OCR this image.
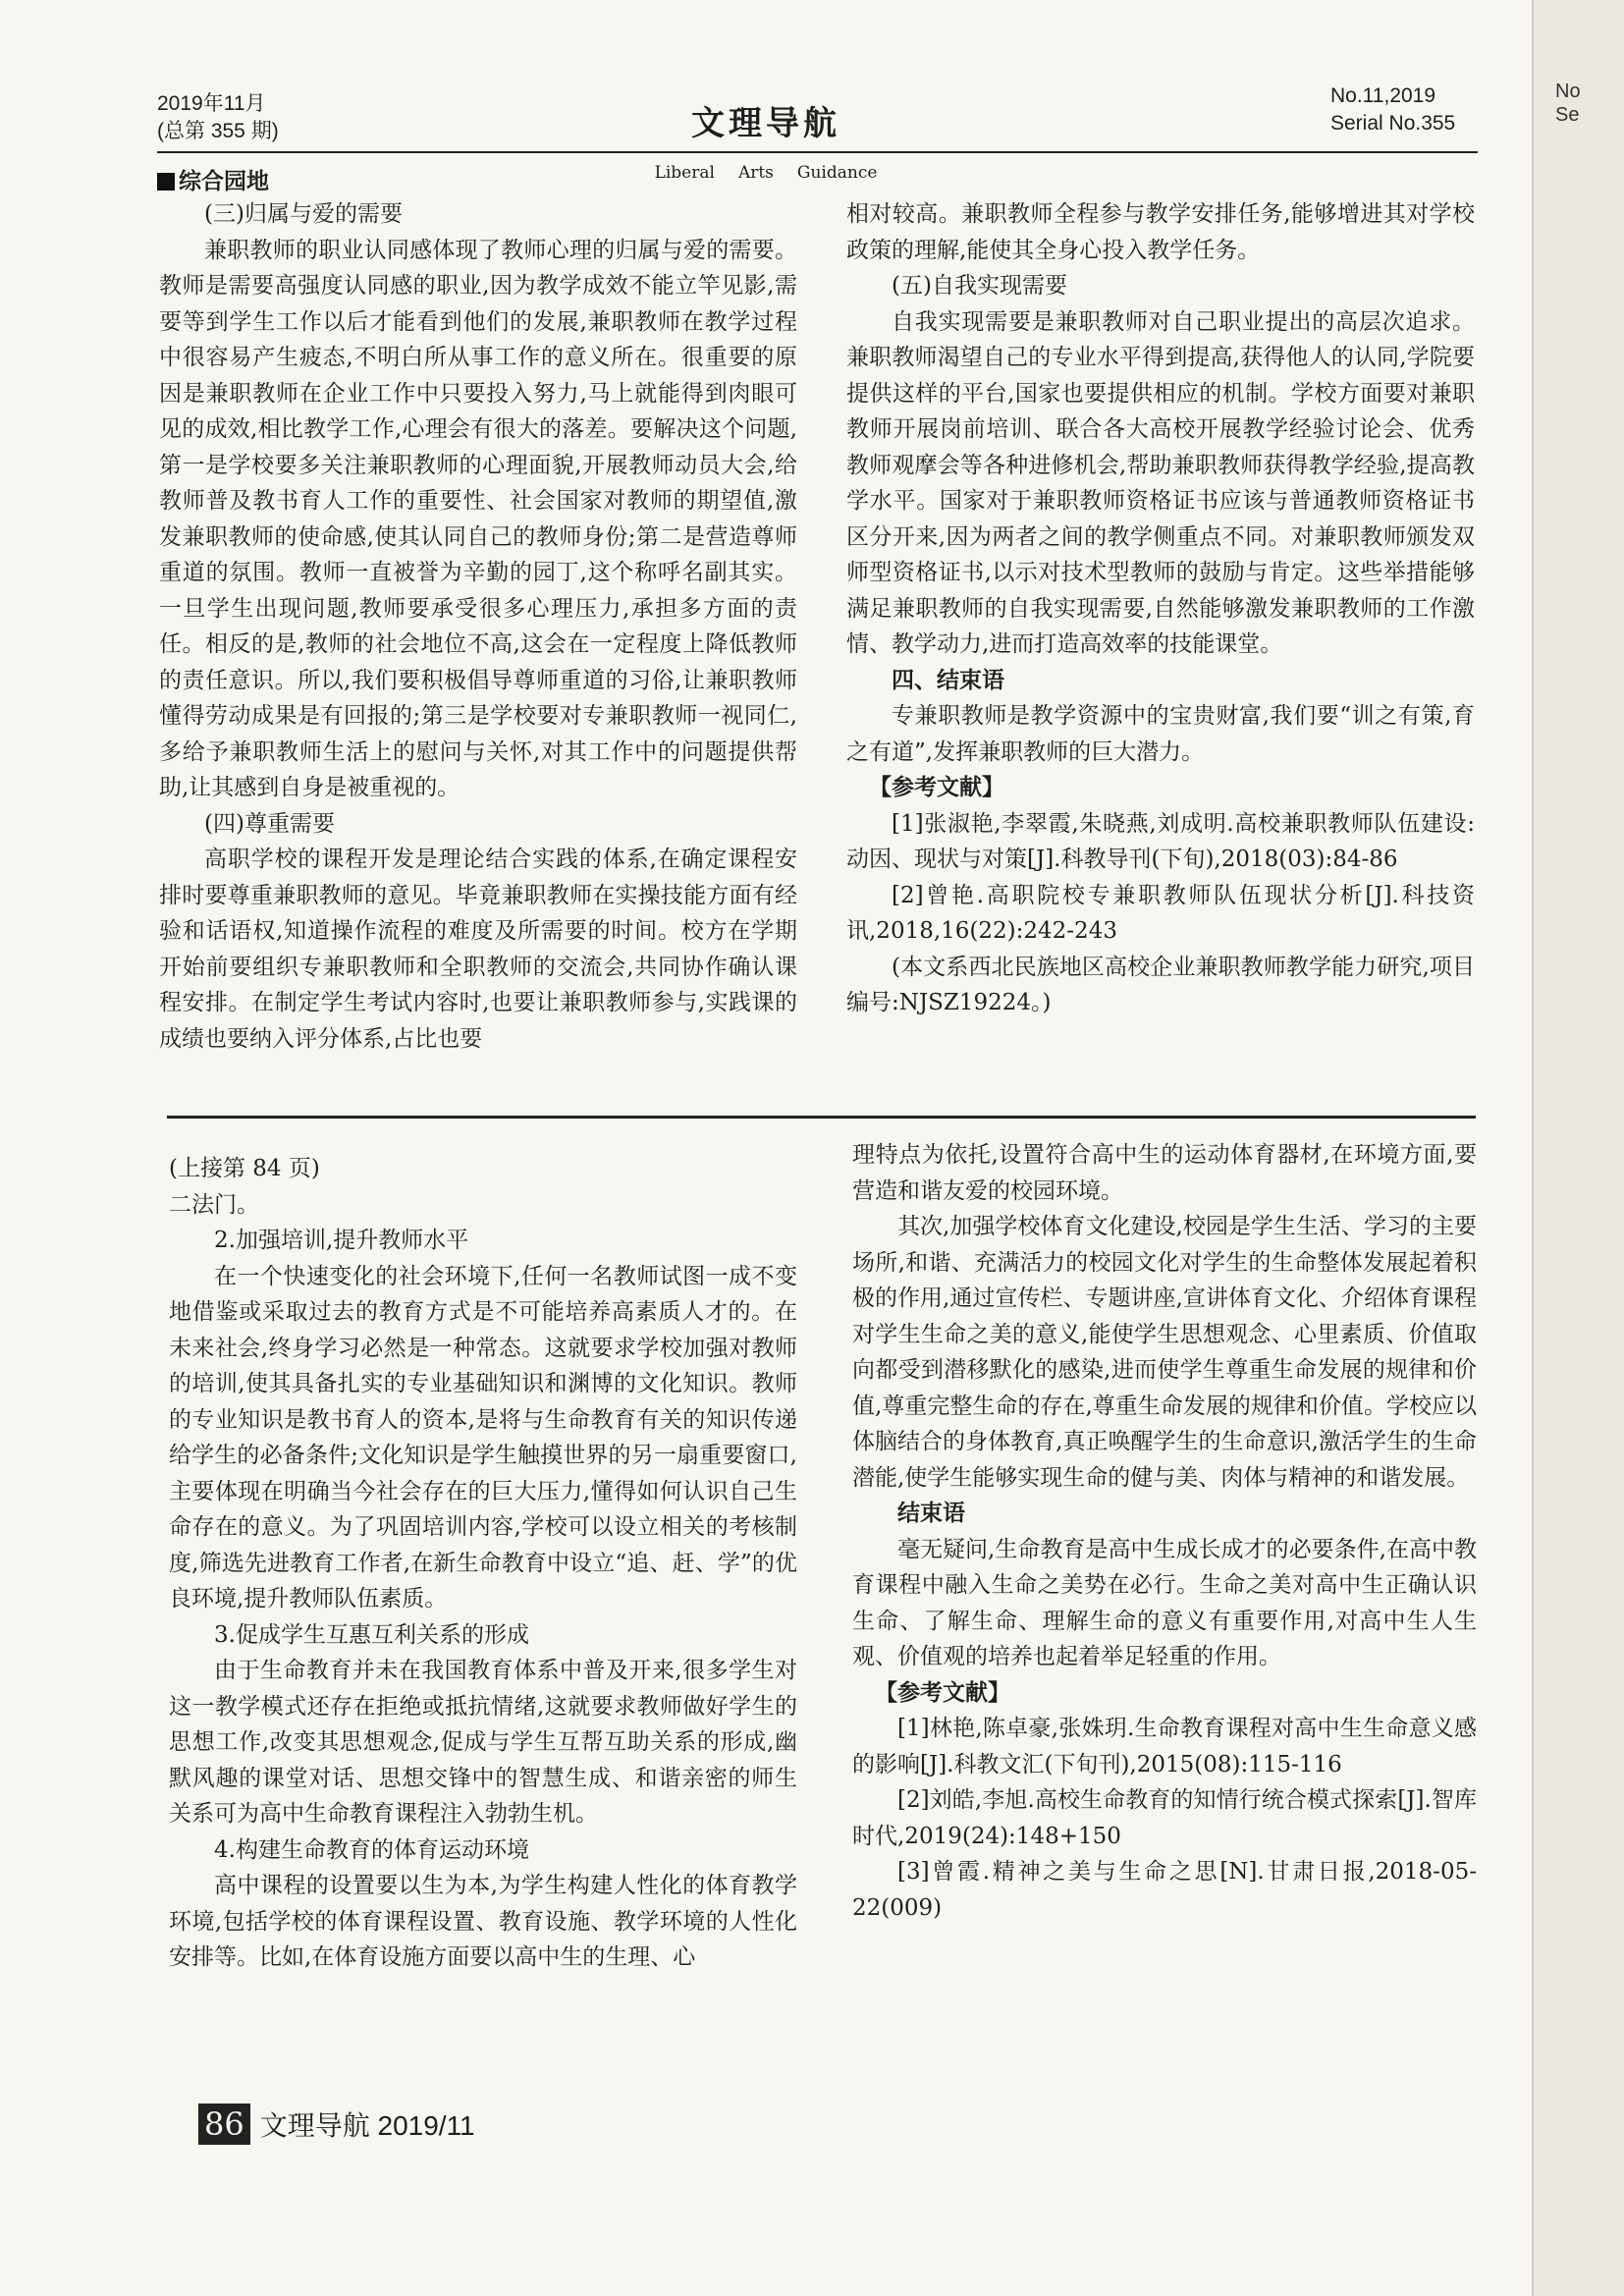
2019年11月
(总第 355 期)	文理导航
No.11,2019
Serial No.355
综合园地	Liberal Arts Guidance

(三)归属与爱的需要

兼职教师的职业认同感体现了教师心理的归属与爱的需要。教师是需要高强度认同感的职业,因为教学成效不能立竿见影,需要等到学生工作以后才能看到他们的发展,兼职教师在教学过程中很容易产生疲态,不明白所从事工作的意义所在。很重要的原因是兼职教师在企业工作中只要投入努力,马上就能得到肉眼可见的成效,相比教学工作,心理会有很大的落差。要解决这个问题,第一是学校要多关注兼职教师的心理面貌,开展教师动员大会,给教师普及教书育人工作的重要性、社会国家对教师的期望值,激发兼职教师的使命感,使其认同自己的教师身份;第二是营造尊师重道的氛围。教师一直被誉为辛勤的园丁,这个称呼名副其实。一旦学生出现问题,教师要承受很多心理压力,承担多方面的责任。相反的是,教师的社会地位不高,这会在一定程度上降低教师的责任意识。所以,我们要积极倡导尊师重道的习俗,让兼职教师懂得劳动成果是有回报的;第三是学校要对专兼职教师一视同仁,多给予兼职教师生活上的慰问与关怀,对其工作中的问题提供帮助,让其感到自身是被重视的。

(四)尊重需要

高职学校的课程开发是理论结合实践的体系,在确定课程安排时要尊重兼职教师的意见。毕竟兼职教师在实操技能方面有经验和话语权,知道操作流程的难度及所需要的时间。校方在学期开始前要组织专兼职教师和全职教师的交流会,共同协作确认课程安排。在制定学生考试内容时,也要让兼职教师参与,实践课的成绩也要纳入评分体系,占比也要

相对较高。兼职教师全程参与教学安排任务,能够增进其对学校政策的理解,能使其全身心投入教学任务。

(五)自我实现需要

自我实现需要是兼职教师对自己职业提出的高层次追求。兼职教师渴望自己的专业水平得到提高,获得他人的认同,学院要提供这样的平台,国家也要提供相应的机制。学校方面要对兼职教师开展岗前培训、联合各大高校开展教学经验讨论会、优秀教师观摩会等各种进修机会,帮助兼职教师获得教学经验,提高教学水平。国家对于兼职教师资格证书应该与普通教师资格证书区分开来,因为两者之间的教学侧重点不同。对兼职教师颁发双师型资格证书,以示对技术型教师的鼓励与肯定。这些举措能够满足兼职教师的自我实现需要,自然能够激发兼职教师的工作激情、教学动力,进而打造高效率的技能课堂。

四、结束语

专兼职教师是教学资源中的宝贵财富,我们要“训之有策,育之有道”,发挥兼职教师的巨大潜力。

【参考文献】

[1]张淑艳,李翠霞,朱晓燕,刘成明.高校兼职教师队伍建设:动因、现状与对策[J].科教导刊(下旬),2018(03):84-86

[2]曾艳.高职院校专兼职教师队伍现状分析[J].科技资讯,2018,16(22):242-243

(本文系西北民族地区高校企业兼职教师教学能力研究,项目编号:NJSZ19224。)

(上接第 84 页)

二法门。

2.加强培训,提升教师水平

在一个快速变化的社会环境下,任何一名教师试图一成不变地借鉴或采取过去的教育方式是不可能培养高素质人才的。在未来社会,终身学习必然是一种常态。这就要求学校加强对教师的培训,使其具备扎实的专业基础知识和渊博的文化知识。教师的专业知识是教书育人的资本,是将与生命教育有关的知识传递给学生的必备条件;文化知识是学生触摸世界的另一扇重要窗口,主要体现在明确当今社会存在的巨大压力,懂得如何认识自己生命存在的意义。为了巩固培训内容,学校可以设立相关的考核制度,筛选先进教育工作者,在新生命教育中设立“追、赶、学”的优良环境,提升教师队伍素质。

3.促成学生互惠互利关系的形成

由于生命教育并未在我国教育体系中普及开来,很多学生对这一教学模式还存在拒绝或抵抗情绪,这就要求教师做好学生的思想工作,改变其思想观念,促成与学生互帮互助关系的形成,幽默风趣的课堂对话、思想交锋中的智慧生成、和谐亲密的师生关系可为高中生命教育课程注入勃勃生机。

4.构建生命教育的体育运动环境

高中课程的设置要以生为本,为学生构建人性化的体育教学环境,包括学校的体育课程设置、教育设施、教学环境的人性化安排等。比如,在体育设施方面要以高中生的生理、心

理特点为依托,设置符合高中生的运动体育器材,在环境方面,要营造和谐友爱的校园环境。

其次,加强学校体育文化建设,校园是学生生活、学习的主要场所,和谐、充满活力的校园文化对学生的生命整体发展起着积极的作用,通过宣传栏、专题讲座,宣讲体育文化、介绍体育课程对学生生命之美的意义,能使学生思想观念、心里素质、价值取向都受到潜移默化的感染,进而使学生尊重生命发展的规律和价值,尊重完整生命的存在,尊重生命发展的规律和价值。学校应以体脑结合的身体教育,真正唤醒学生的生命意识,激活学生的生命潜能,使学生能够实现生命的健与美、肉体与精神的和谐发展。

结束语

毫无疑问,生命教育是高中生成长成才的必要条件,在高中教育课程中融入生命之美势在必行。生命之美对高中生正确认识生命、了解生命、理解生命的意义有重要作用,对高中生人生观、价值观的培养也起着举足轻重的作用。

【参考文献】

[1]林艳,陈卓豪,张姝玥.生命教育课程对高中生生命意义感的影响[J].科教文汇(下旬刊),2015(08):115-116

[2]刘皓,李旭.高校生命教育的知情行统合模式探索[J].智库时代,2019(24):148+150

[3]曾霞.精神之美与生命之思[N].甘肃日报,2018-05-22(009)

86 文理导航 2019/11
No
Se
